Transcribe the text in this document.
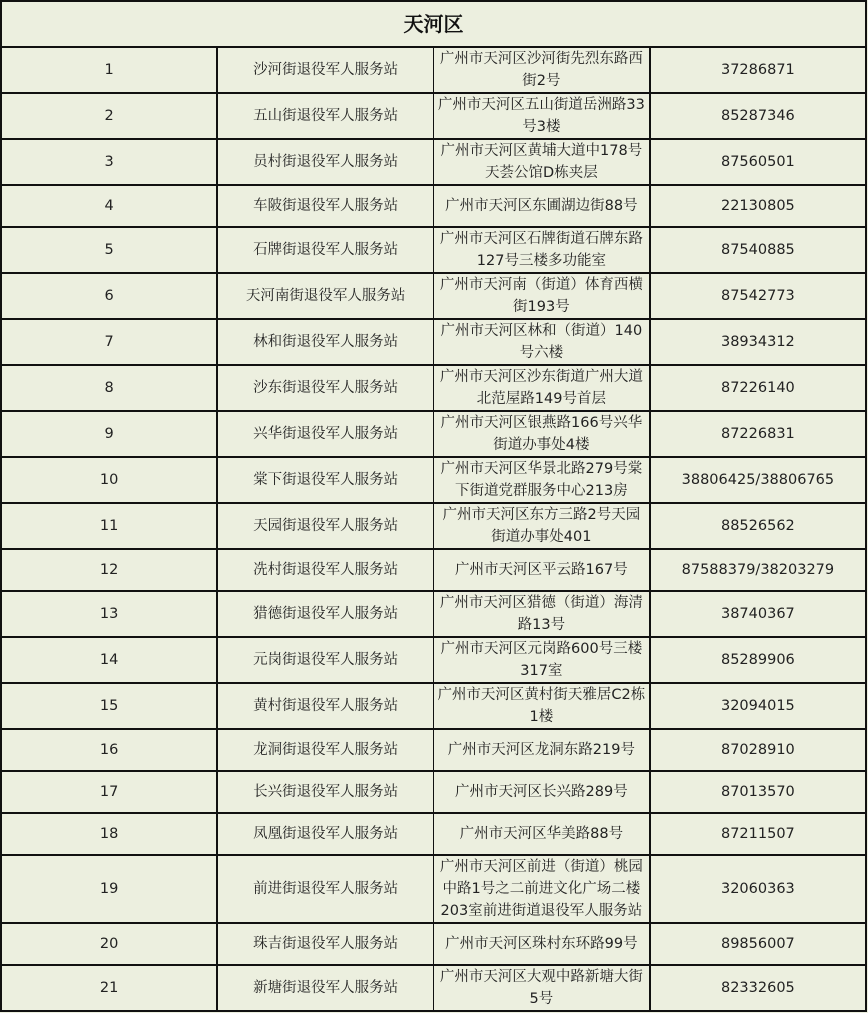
天河区			
1	沙河街退役军人服务站	广州市天河区沙河街先烈东路西街2号	37286871
2	五山街退役军人服务站	广州市天河区五山街道岳洲路33号3楼	85287346
3	员村街退役军人服务站	广州市天河区黄埔大道中178号天荟公馆D栋夹层	87560501
4	车陂街退役军人服务站	广州市天河区东圃湖边街88号	22130805
5	石牌街退役军人服务站	广州市天河区石牌街道石牌东路127号三楼多功能室	87540885
6	天河南街退役军人服务站	广州市天河南（街道）体育西横街193号	87542773
7	林和街退役军人服务站	广州市天河区林和（街道）140号六楼	38934312
8	沙东街退役军人服务站	广州市天河区沙东街道广州大道北范屋路149号首层	87226140
9	兴华街退役军人服务站	广州市天河区银燕路166号兴华街道办事处4楼	87226831
10	棠下街退役军人服务站	广州市天河区华景北路279号棠下街道党群服务中心213房	38806425/38806765
11	天园街退役军人服务站	广州市天河区东方三路2号天园街道办事处401	88526562
12	冼村街退役军人服务站	广州市天河区平云路167号	87588379/38203279
13	猎德街退役军人服务站	广州市天河区猎德（街道）海清路13号	38740367
14	元岗街退役军人服务站	广州市天河区元岗路600号三楼317室	85289906
15	黄村街退役军人服务站	广州市天河区黄村街天雅居C2栋1楼	32094015
16	龙洞街退役军人服务站	广州市天河区龙洞东路219号	87028910
17	长兴街退役军人服务站	广州市天河区长兴路289号	87013570
18	凤凰街退役军人服务站	广州市天河区华美路88号	87211507
19	前进街退役军人服务站	广州市天河区前进（街道）桃园中路1号之二前进文化广场二楼203室前进街道退役军人服务站	32060363
20	珠吉街退役军人服务站	广州市天河区珠村东环路99号	89856007
21	新塘街退役军人服务站	广州市天河区大观中路新塘大街5号	82332605
